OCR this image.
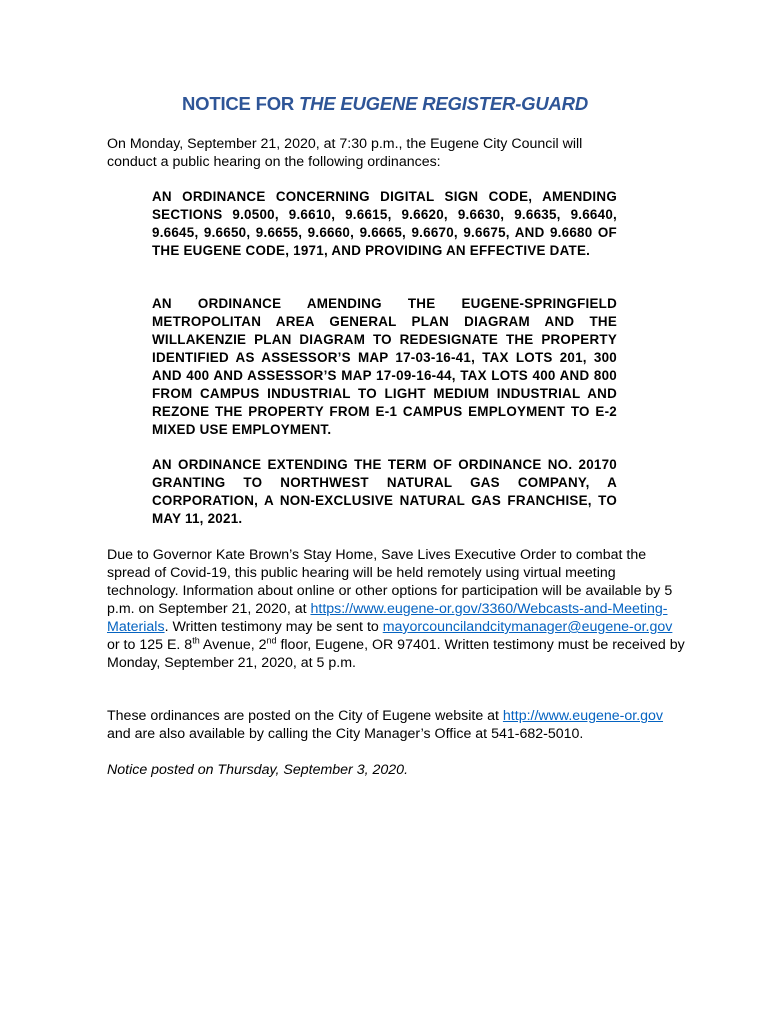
NOTICE FOR THE EUGENE REGISTER-GUARD
On Monday, September 21, 2020, at 7:30 p.m., the Eugene City Council will conduct a public hearing on the following ordinances:
AN ORDINANCE CONCERNING DIGITAL SIGN CODE, AMENDING SECTIONS 9.0500, 9.6610, 9.6615, 9.6620, 9.6630, 9.6635, 9.6640, 9.6645, 9.6650, 9.6655, 9.6660, 9.6665, 9.6670, 9.6675, AND 9.6680 OF THE EUGENE CODE, 1971, AND PROVIDING AN EFFECTIVE DATE.
AN ORDINANCE AMENDING THE EUGENE-SPRINGFIELD METROPOLITAN AREA GENERAL PLAN DIAGRAM AND THE WILLAKENZIE PLAN DIAGRAM TO REDESIGNATE THE PROPERTY IDENTIFIED AS ASSESSOR’S MAP 17-03-16-41, TAX LOTS 201, 300 AND 400 AND ASSESSOR’S MAP 17-09-16-44, TAX LOTS 400 AND 800 FROM CAMPUS INDUSTRIAL TO LIGHT MEDIUM INDUSTRIAL AND REZONE THE PROPERTY FROM E-1 CAMPUS EMPLOYMENT TO E-2 MIXED USE EMPLOYMENT.
AN ORDINANCE EXTENDING THE TERM OF ORDINANCE NO. 20170 GRANTING TO NORTHWEST NATURAL GAS COMPANY, A CORPORATION, A NON-EXCLUSIVE NATURAL GAS FRANCHISE, TO MAY 11, 2021.
Due to Governor Kate Brown’s Stay Home, Save Lives Executive Order to combat the spread of Covid-19, this public hearing will be held remotely using virtual meeting technology. Information about online or other options for participation will be available by 5 p.m. on September 21, 2020, at https://www.eugene-or.gov/3360/Webcasts-and-Meeting-Materials. Written testimony may be sent to mayorcouncilandcitymanager@eugene-or.gov or to 125 E. 8th Avenue, 2nd floor, Eugene, OR 97401. Written testimony must be received by Monday, September 21, 2020, at 5 p.m.
These ordinances are posted on the City of Eugene website at http://www.eugene-or.gov and are also available by calling the City Manager’s Office at 541-682-5010.
Notice posted on Thursday, September 3, 2020.
